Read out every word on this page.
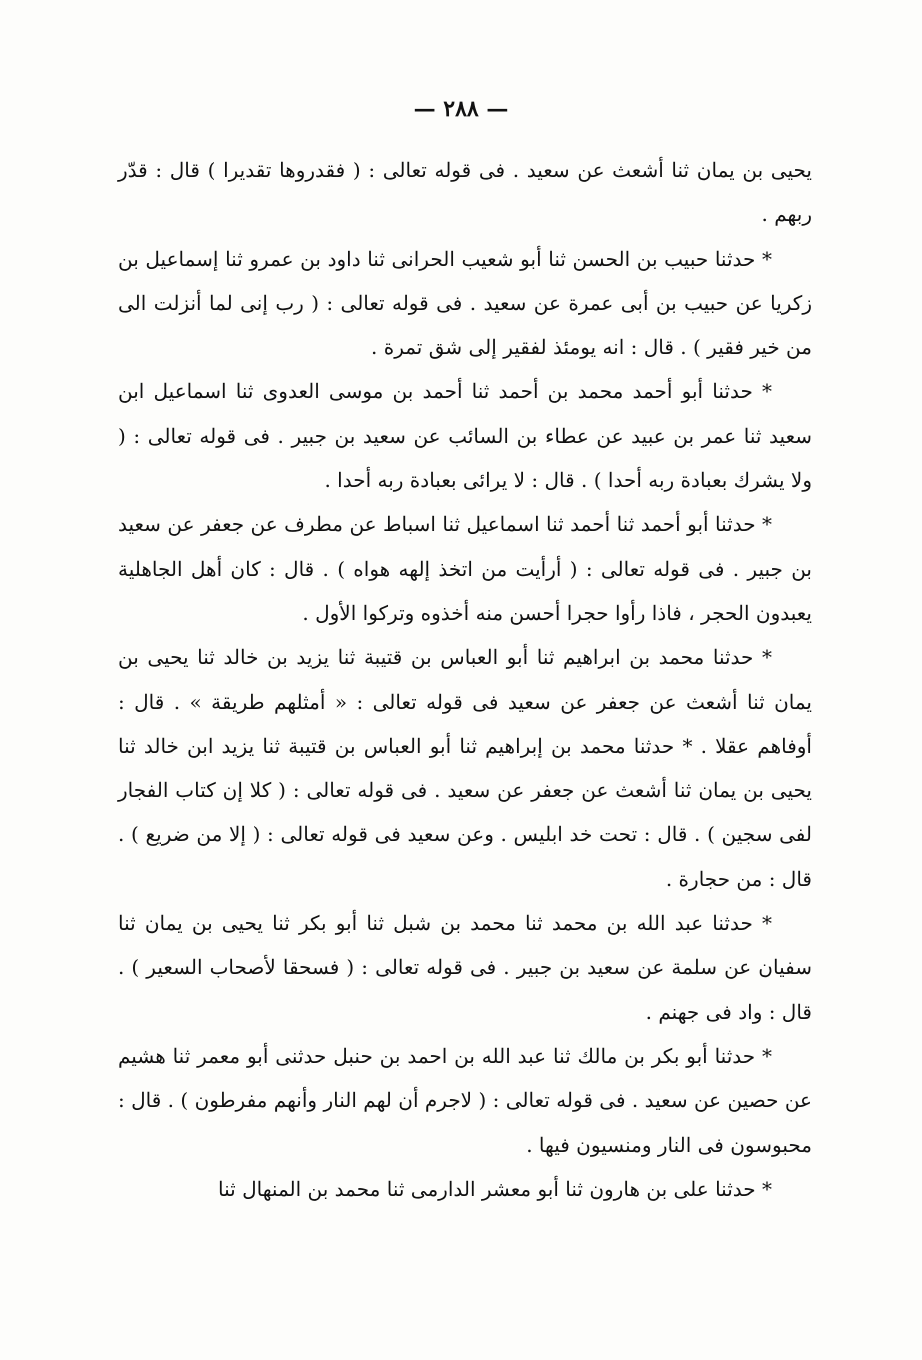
— ٢٨٨ —

يحيى بن يمان ثنا أشعث عن سعيد . فى قوله تعالى : ( فقدروها تقديرا ) قال : قدّر ربهم .

* حدثنا حبيب بن الحسن ثنا أبو شعيب الحرانى ثنا داود بن عمرو ثنا إسماعيل بن زكريا عن حبيب بن أبى عمرة عن سعيد . فى قوله تعالى : ( رب إنى لما أنزلت الى من خير فقير ) . قال : انه يومئذ لفقير إلى شق تمرة .

* حدثنا أبو أحمد محمد بن أحمد ثنا أحمد بن موسى العدوى ثنا اسماعيل ابن سعيد ثنا عمر بن عبيد عن عطاء بن السائب عن سعيد بن جبير . فى قوله تعالى : ( ولا يشرك بعبادة ربه أحدا ) . قال : لا يرائى بعبادة ربه أحدا .

* حدثنا أبو أحمد ثنا أحمد ثنا اسماعيل ثنا اسباط عن مطرف عن جعفر عن سعيد بن جبير . فى قوله تعالى : ( أرأيت من اتخذ إلهه هواه ) . قال : كان أهل الجاهلية يعبدون الحجر ، فاذا رأوا حجرا أحسن منه أخذوه وتركوا الأول .

* حدثنا محمد بن ابراهيم ثنا أبو العباس بن قتيبة ثنا يزيد بن خالد ثنا يحيى بن يمان ثنا أشعث عن جعفر عن سعيد فى قوله تعالى : « أمثلهم طريقة » . قال : أوفاهم عقلا . * حدثنا محمد بن إبراهيم ثنا أبو العباس بن قتيبة ثنا يزيد ابن خالد ثنا يحيى بن يمان ثنا أشعث عن جعفر عن سعيد . فى قوله تعالى : ( كلا إن كتاب الفجار لفى سجين ) . قال : تحت خد ابليس . وعن سعيد فى قوله تعالى : ( إلا من ضريع ) . قال : من حجارة .

* حدثنا عبد الله بن محمد ثنا محمد بن شبل ثنا أبو بكر ثنا يحيى بن يمان ثنا سفيان عن سلمة عن سعيد بن جبير . فى قوله تعالى : ( فسحقا لأصحاب السعير ) . قال : واد فى جهنم .

* حدثنا أبو بكر بن مالك ثنا عبد الله بن احمد بن حنبل حدثنى أبو معمر ثنا هشيم عن حصين عن سعيد . فى قوله تعالى : ( لاجرم أن لهم النار وأنهم مفرطون ) . قال : محبوسون فى النار ومنسيون فيها .

* حدثنا على بن هارون ثنا أبو معشر الدارمى ثنا محمد بن المنهال ثنا
